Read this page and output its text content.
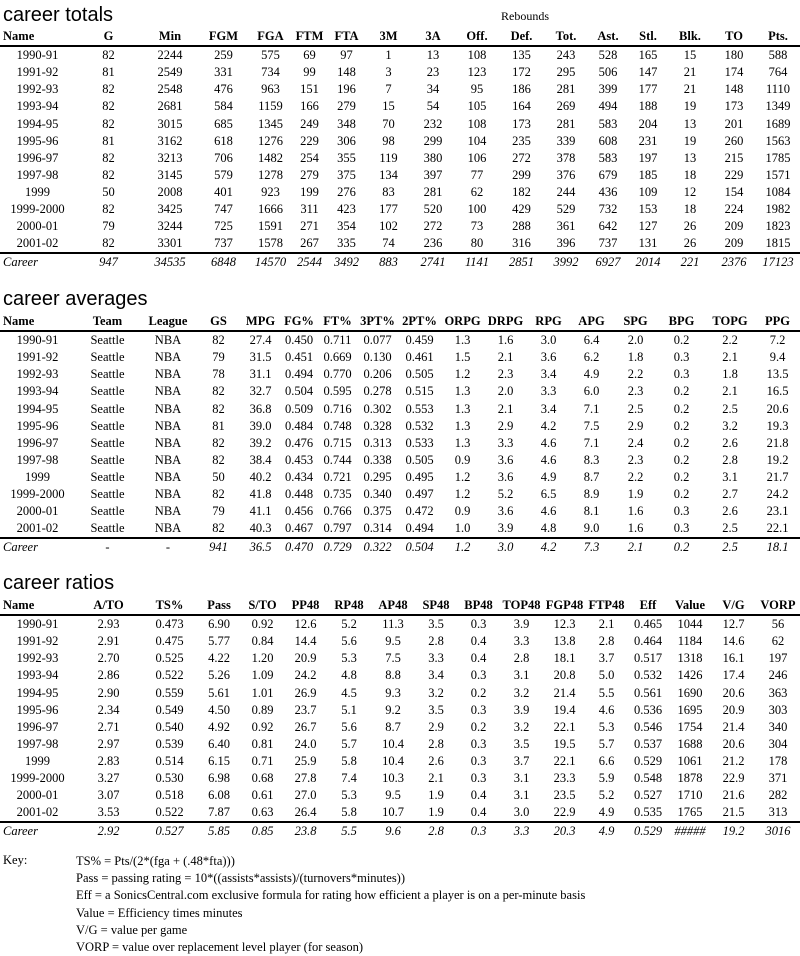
career totals	Rebounds
Name	G	Min	FGM	FGA	FTM	FTA	3M	3A	Off.	Def.	Tot.	Ast.	Stl.	Blk.	TO	Pts.
1990-91	82	2244	259	575	69	97	1	13	108	135	243	528	165	15	180	588
1991-92	81	2549	331	734	99	148	3	23	123	172	295	506	147	21	174	764
1992-93	82	2548	476	963	151	196	7	34	95	186	281	399	177	21	148	1110
1993-94	82	2681	584	1159	166	279	15	54	105	164	269	494	188	19	173	1349
1994-95	82	3015	685	1345	249	348	70	232	108	173	281	583	204	13	201	1689
1995-96	81	3162	618	1276	229	306	98	299	104	235	339	608	231	19	260	1563
1996-97	82	3213	706	1482	254	355	119	380	106	272	378	583	197	13	215	1785
1997-98	82	3145	579	1278	279	375	134	397	77	299	376	679	185	18	229	1571
1999	50	2008	401	923	199	276	83	281	62	182	244	436	109	12	154	1084
1999-2000	82	3425	747	1666	311	423	177	520	100	429	529	732	153	18	224	1982
2000-01	79	3244	725	1591	271	354	102	272	73	288	361	642	127	26	209	1823
2001-02	82	3301	737	1578	267	335	74	236	80	316	396	737	131	26	209	1815
Career	947	34535	6848	14570	2544	3492	883	2741	1141	2851	3992	6927	2014	221	2376	17123
career averages
Name	Team	League	GS	MPG	FG%	FT%	3PT%	2PT%	ORPG	DRPG	RPG	APG	SPG	BPG	TOPG	PPG
1990-91	Seattle	NBA	82	27.4	0.450	0.711	0.077	0.459	1.3	1.6	3.0	6.4	2.0	0.2	2.2	7.2
1991-92	Seattle	NBA	79	31.5	0.451	0.669	0.130	0.461	1.5	2.1	3.6	6.2	1.8	0.3	2.1	9.4
1992-93	Seattle	NBA	78	31.1	0.494	0.770	0.206	0.505	1.2	2.3	3.4	4.9	2.2	0.3	1.8	13.5
1993-94	Seattle	NBA	82	32.7	0.504	0.595	0.278	0.515	1.3	2.0	3.3	6.0	2.3	0.2	2.1	16.5
1994-95	Seattle	NBA	82	36.8	0.509	0.716	0.302	0.553	1.3	2.1	3.4	7.1	2.5	0.2	2.5	20.6
1995-96	Seattle	NBA	81	39.0	0.484	0.748	0.328	0.532	1.3	2.9	4.2	7.5	2.9	0.2	3.2	19.3
1996-97	Seattle	NBA	82	39.2	0.476	0.715	0.313	0.533	1.3	3.3	4.6	7.1	2.4	0.2	2.6	21.8
1997-98	Seattle	NBA	82	38.4	0.453	0.744	0.338	0.505	0.9	3.6	4.6	8.3	2.3	0.2	2.8	19.2
1999	Seattle	NBA	50	40.2	0.434	0.721	0.295	0.495	1.2	3.6	4.9	8.7	2.2	0.2	3.1	21.7
1999-2000	Seattle	NBA	82	41.8	0.448	0.735	0.340	0.497	1.2	5.2	6.5	8.9	1.9	0.2	2.7	24.2
2000-01	Seattle	NBA	79	41.1	0.456	0.766	0.375	0.472	0.9	3.6	4.6	8.1	1.6	0.3	2.6	23.1
2001-02	Seattle	NBA	82	40.3	0.467	0.797	0.314	0.494	1.0	3.9	4.8	9.0	1.6	0.3	2.5	22.1
Career	-	-	941	36.5	0.470	0.729	0.322	0.504	1.2	3.0	4.2	7.3	2.1	0.2	2.5	18.1
career ratios
Name	A/TO	TS%	Pass	S/TO	PP48	RP48	AP48	SP48	BP48	TOP48	FGP48	FTP48	Eff	Value	V/G	VORP
1990-91	2.93	0.473	6.90	0.92	12.6	5.2	11.3	3.5	0.3	3.9	12.3	2.1	0.465	1044	12.7	56
1991-92	2.91	0.475	5.77	0.84	14.4	5.6	9.5	2.8	0.4	3.3	13.8	2.8	0.464	1184	14.6	62
1992-93	2.70	0.525	4.22	1.20	20.9	5.3	7.5	3.3	0.4	2.8	18.1	3.7	0.517	1318	16.1	197
1993-94	2.86	0.522	5.26	1.09	24.2	4.8	8.8	3.4	0.3	3.1	20.8	5.0	0.532	1426	17.4	246
1994-95	2.90	0.559	5.61	1.01	26.9	4.5	9.3	3.2	0.2	3.2	21.4	5.5	0.561	1690	20.6	363
1995-96	2.34	0.549	4.50	0.89	23.7	5.1	9.2	3.5	0.3	3.9	19.4	4.6	0.536	1695	20.9	303
1996-97	2.71	0.540	4.92	0.92	26.7	5.6	8.7	2.9	0.2	3.2	22.1	5.3	0.546	1754	21.4	340
1997-98	2.97	0.539	6.40	0.81	24.0	5.7	10.4	2.8	0.3	3.5	19.5	5.7	0.537	1688	20.6	304
1999	2.83	0.514	6.15	0.71	25.9	5.8	10.4	2.6	0.3	3.7	22.1	6.6	0.529	1061	21.2	178
1999-2000	3.27	0.530	6.98	0.68	27.8	7.4	10.3	2.1	0.3	3.1	23.3	5.9	0.548	1878	22.9	371
2000-01	3.07	0.518	6.08	0.61	27.0	5.3	9.5	1.9	0.4	3.1	23.5	5.2	0.527	1710	21.6	282
2001-02	3.53	0.522	7.87	0.63	26.4	5.8	10.7	1.9	0.4	3.0	22.9	4.9	0.535	1765	21.5	313
Career	2.92	0.527	5.85	0.85	23.8	5.5	9.6	2.8	0.3	3.3	20.3	4.9	0.529	#####	19.2	3016
Key:	TS% = Pts/(2*(fga + (.48*fta)))
Pass = passing rating = 10*((assists*assists)/(turnovers*minutes))
Eff = a SonicsCentral.com exclusive formula for rating how efficient a player is on a per-minute basis
Value = Efficiency times minutes
V/G = value per game
VORP = value over replacement level player (for season)
